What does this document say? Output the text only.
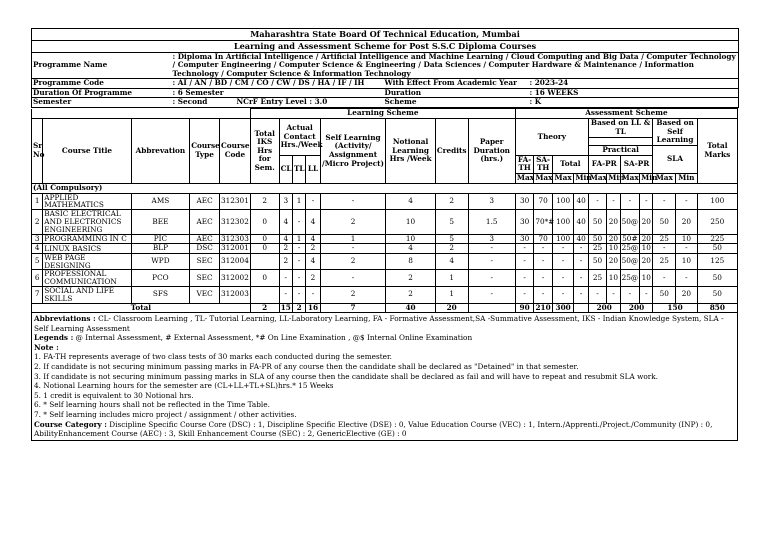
Maharashtra State Board Of Technical Education, Mumbai			
Learning and Assessment Scheme for Post S.S.C Diploma Courses			
Programme Name	: Diploma In Artificial Intelligence / Artificial Intelligence and Machine Learning / Cloud Computing and Big Data / Computer Technology / Computer Engineering / Computer Science & Engineering / Data Sciences / Computer Hardware & Maintenance / Information Technology / Computer Science & Information Technology		
Programme Code	: AI / AN / BD / CM / CO / CW / DS / HA / IF / IH	With Effect From Academic Year	: 2023-24
Duration Of Programme	: 6 Semester	Duration	: 16 WEEKS
Semester	: Second NCrF Entry Level : 3.0	Scheme	: K
					Learning Scheme								Assessment Scheme										
Sr No	Course Title	Abbrevation	Course Type	Course Code	Total IKS Hrs for Sem.	Actual Contact Hrs./Week			Self Learning (Activity/ Assignment /Micro Project)	Notional Learning Hrs /Week	Credits	Paper Duration (hrs.)	Theory				Based on LL & TL				Based on Self Learning		Total Marks

																	Practical				SLA		
						CL	TL	LL					FA-TH	SA-TH	Total		FA-PR		SA-PR				
													Max	Max	Max	Min	Max	Min	Max	Min	Max	Min	
(All Compulsory)																							
1	APPLIED MATHEMATICS	AMS	AEC	312301	2	3	1	-	-	4	2	3	30	70	100	40	-	-	-	-	-	-	100
2	BASIC ELECTRICAL AND ELECTRONICS ENGINEERING	BEE	AEC	312302	0	4	-	4	2	10	5	1.5	30	70*#	100	40	50	20	50@	20	50	20	250
3	PROGRAMMING IN C	PIC	AEC	312303	0	4	1	4	1	10	5	3	30	70	100	40	50	20	50#	20	25	10	225
4	LINUX BASICS	BLP	DSC	312001	0	2	-	2	-	4	2	-	-	-	-	-	25	10	25@	10	-	-	50
5	WEB PAGE DESIGNING	WPD	SEC	312004		2	-	4	2	8	4	-	-	-	-	-	50	20	50@	20	25	10	125
6	PROFESSIONAL COMMUNICATION	PCO	SEC	312002	0	-	-	2	-	2	1	-	-	-	-	-	25	10	25@	10	-	-	50
7	SOCIAL AND LIFE SKILLS	SFS	VEC	312003		-	-	-	2	2	1	-	-	-	-	-	-	-	-	-	50	20	50
Total					2	15	2	16	7	40	20		90	210	300		200		200		150		850
Abbreviations : CL- Classroom Learning , TL- Tutorial Learning, LL-Laboratory Learning, FA - Formative Assessment,SA -Summative Assessment, IKS - Indian Knowledge System, SLA - Self Learning Assessment
Legends : @ Internal Assessment, # External Assessment, *# On Line Examination , @$ Internal Online Examination
Note :
1. FA-TH represents average of two class tests of 30 marks each conducted during the semester.
2. If candidate is not securing minimum passing marks in FA-PR of any course then the candidate shall be declared as "Detained" in that semester.
3. If candidate is not securing minimum passing marks in SLA of any course then the candidate shall be declared as fail and will have to repeat and resubmit SLA work.
4. Notional Learning hours for the semester are (CL+LL+TL+SL)hrs.* 15 Weeks
5. 1 credit is equivalent to 30 Notional hrs.
6. * Self learning hours shall not be reflected in the Time Table.
7. * Self learning includes micro project / assignment / other activities.
Course Category : Discipline Specific Course Core (DSC) : 1, Discipline Specific Elective (DSE) : 0, Value Education Course (VEC) : 1, Intern./Apprenti./Project./Community (INP) : 0, AbilityEnhancement Course (AEC) : 3, Skill Enhancement Course (SEC) : 2, GenericElective (GE) : 0
